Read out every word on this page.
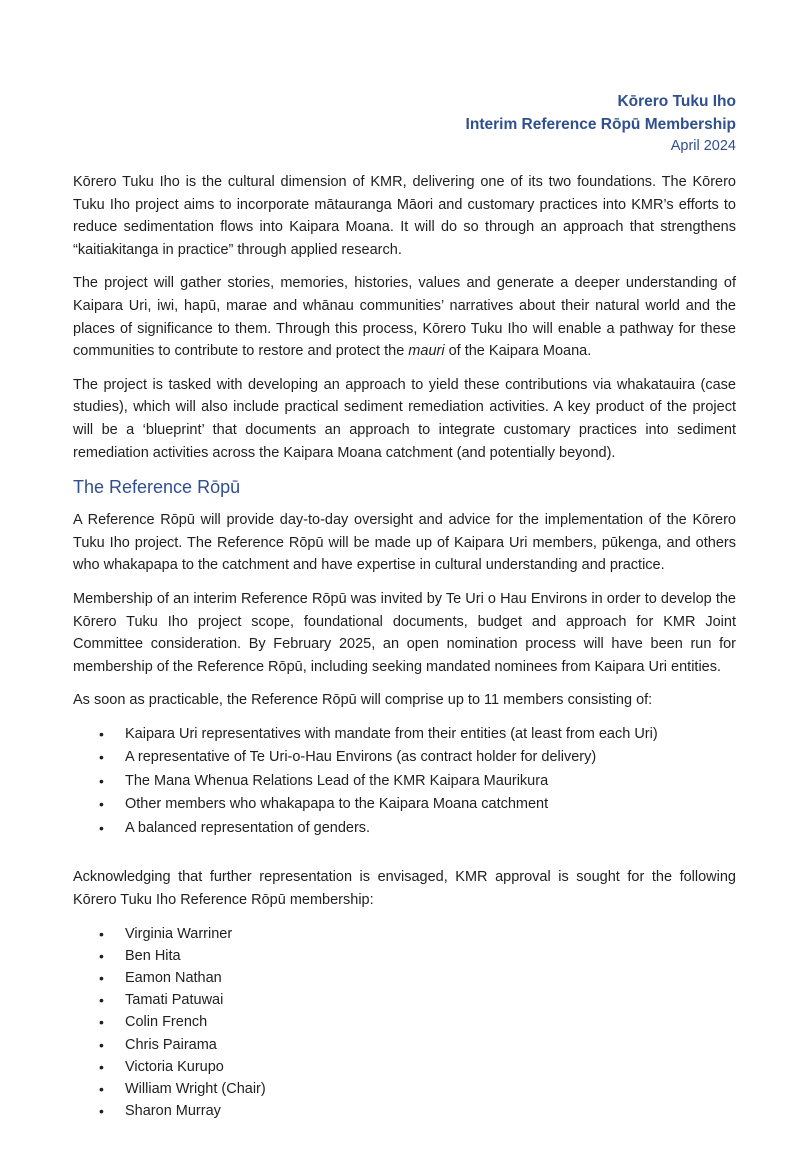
Kōrero Tuku Iho
Interim Reference Rōpū Membership
April 2024

Kōrero Tuku Iho is the cultural dimension of KMR, delivering one of its two foundations. The Kōrero Tuku Iho project aims to incorporate mātauranga Māori and customary practices into KMR’s efforts to reduce sedimentation flows into Kaipara Moana. It will do so through an approach that strengthens “kaitiakitanga in practice” through applied research.

The project will gather stories, memories, histories, values and generate a deeper understanding of Kaipara Uri, iwi, hapū, marae and whānau communities’ narratives about their natural world and the places of significance to them. Through this process, Kōrero Tuku Iho will enable a pathway for these communities to contribute to restore and protect the mauri of the Kaipara Moana.

The project is tasked with developing an approach to yield these contributions via whakatauira (case studies), which will also include practical sediment remediation activities. A key product of the project will be a ‘blueprint’ that documents an approach to integrate customary practices into sediment remediation activities across the Kaipara Moana catchment (and potentially beyond).

The Reference Rōpū

A Reference Rōpū will provide day-to-day oversight and advice for the implementation of the Kōrero Tuku Iho project. The Reference Rōpū will be made up of Kaipara Uri members, pūkenga, and others who whakapapa to the catchment and have expertise in cultural understanding and practice.

Membership of an interim Reference Rōpū was invited by Te Uri o Hau Environs in order to develop the Kōrero Tuku Iho project scope, foundational documents, budget and approach for KMR Joint Committee consideration. By February 2025, an open nomination process will have been run for membership of the Reference Rōpū, including seeking mandated nominees from Kaipara Uri entities.

As soon as practicable, the Reference Rōpū will comprise up to 11 members consisting of:

• Kaipara Uri representatives with mandate from their entities (at least from each Uri)
• A representative of Te Uri-o-Hau Environs (as contract holder for delivery)
• The Mana Whenua Relations Lead of the KMR Kaipara Maurikura
• Other members who whakapapa to the Kaipara Moana catchment
• A balanced representation of genders.

Acknowledging that further representation is envisaged, KMR approval is sought for the following Kōrero Tuku Iho Reference Rōpū membership:

• Virginia Warriner
• Ben Hita
• Eamon Nathan
• Tamati Patuwai
• Colin French
• Chris Pairama
• Victoria Kurupo
• William Wright (Chair)
• Sharon Murray
